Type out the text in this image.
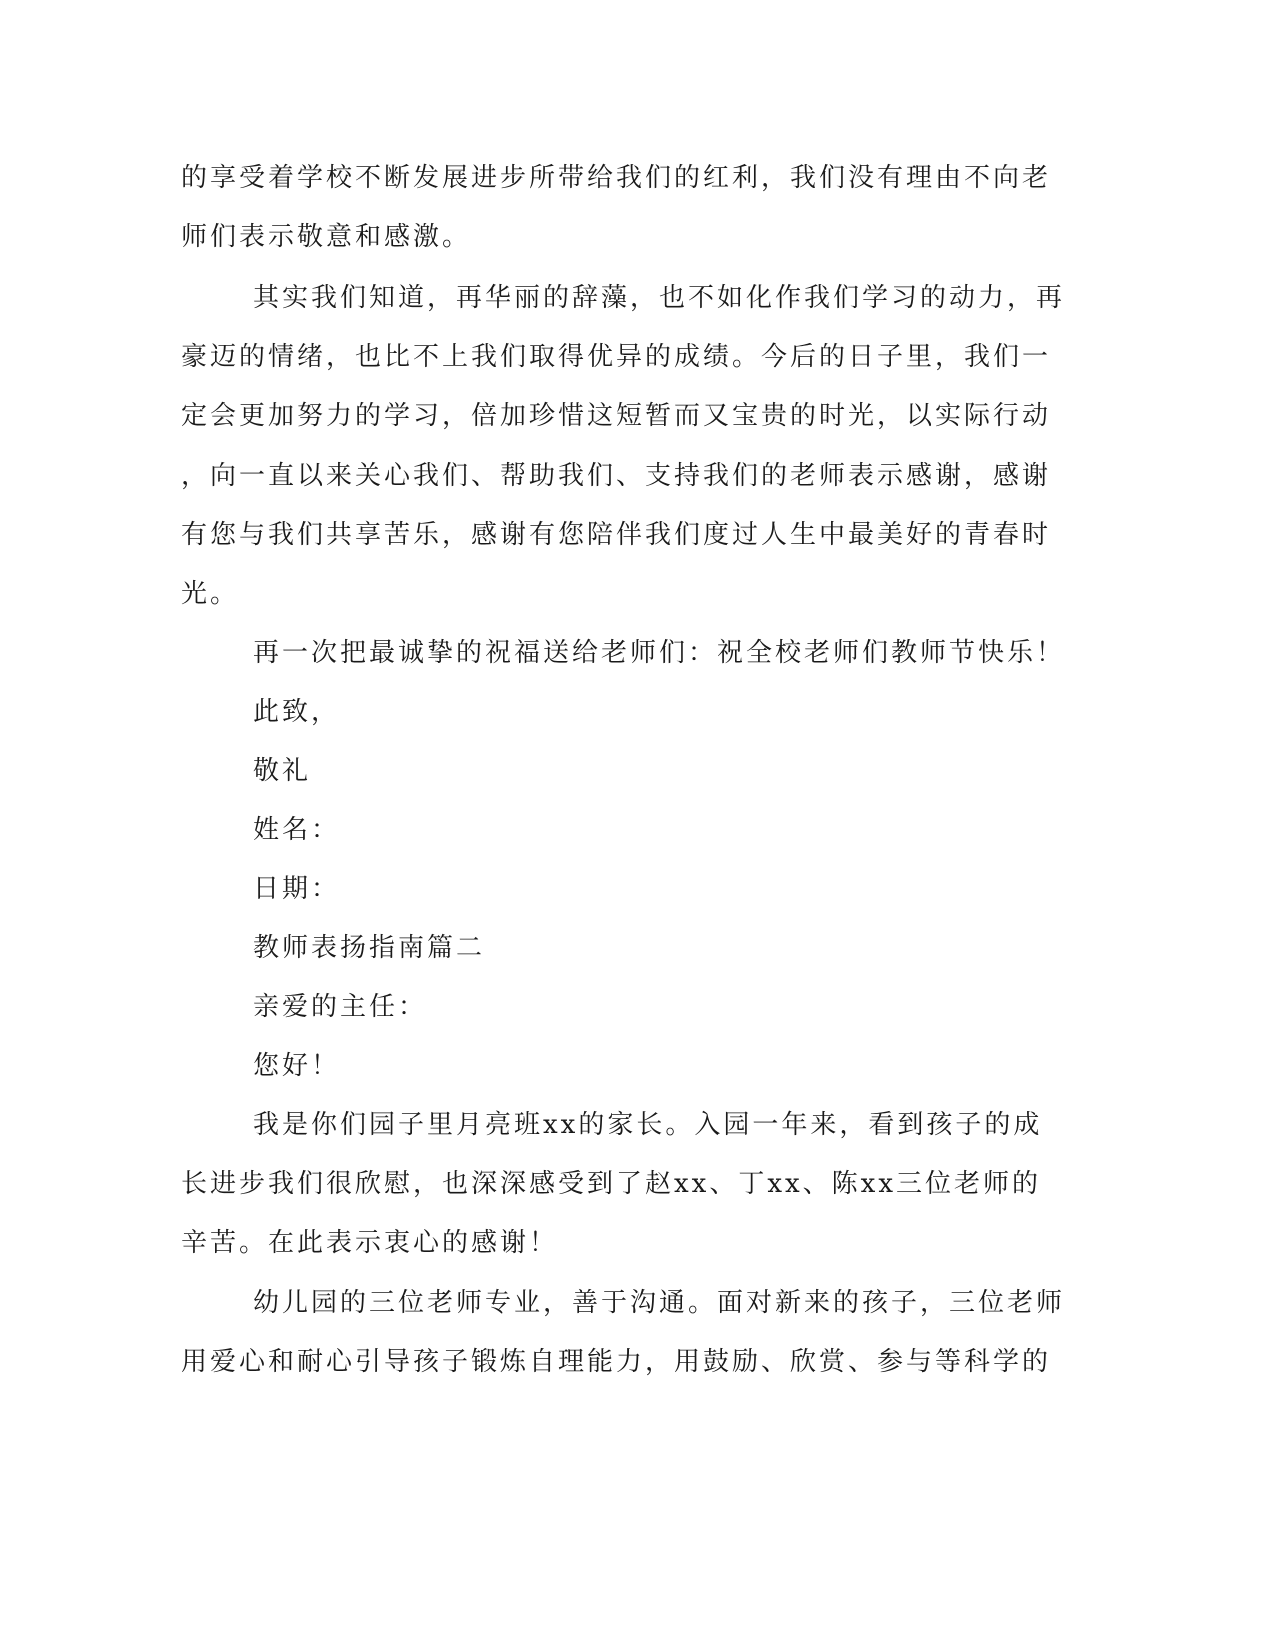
的享受着学校不断发展进步所带给我们的红利，我们没有理由不向老
师们表示敬意和感激。
其实我们知道，再华丽的辞藻，也不如化作我们学习的动力，再
豪迈的情绪，也比不上我们取得优异的成绩。今后的日子里，我们一
定会更加努力的学习，倍加珍惜这短暂而又宝贵的时光，以实际行动
，向一直以来关心我们、帮助我们、支持我们的老师表示感谢，感谢
有您与我们共享苦乐，感谢有您陪伴我们度过人生中最美好的青春时
光。
再一次把最诚挚的祝福送给老师们：祝全校老师们教师节快乐！
此致，
敬礼
姓名：
日期：
教师表扬指南篇二
亲爱的主任：
您好！
我是你们园子里月亮班xx的家长。入园一年来，看到孩子的成
长进步我们很欣慰，也深深感受到了赵xx、丁xx、陈xx三位老师的
辛苦。在此表示衷心的感谢！
幼儿园的三位老师专业，善于沟通。面对新来的孩子，三位老师
用爱心和耐心引导孩子锻炼自理能力，用鼓励、欣赏、参与等科学的
